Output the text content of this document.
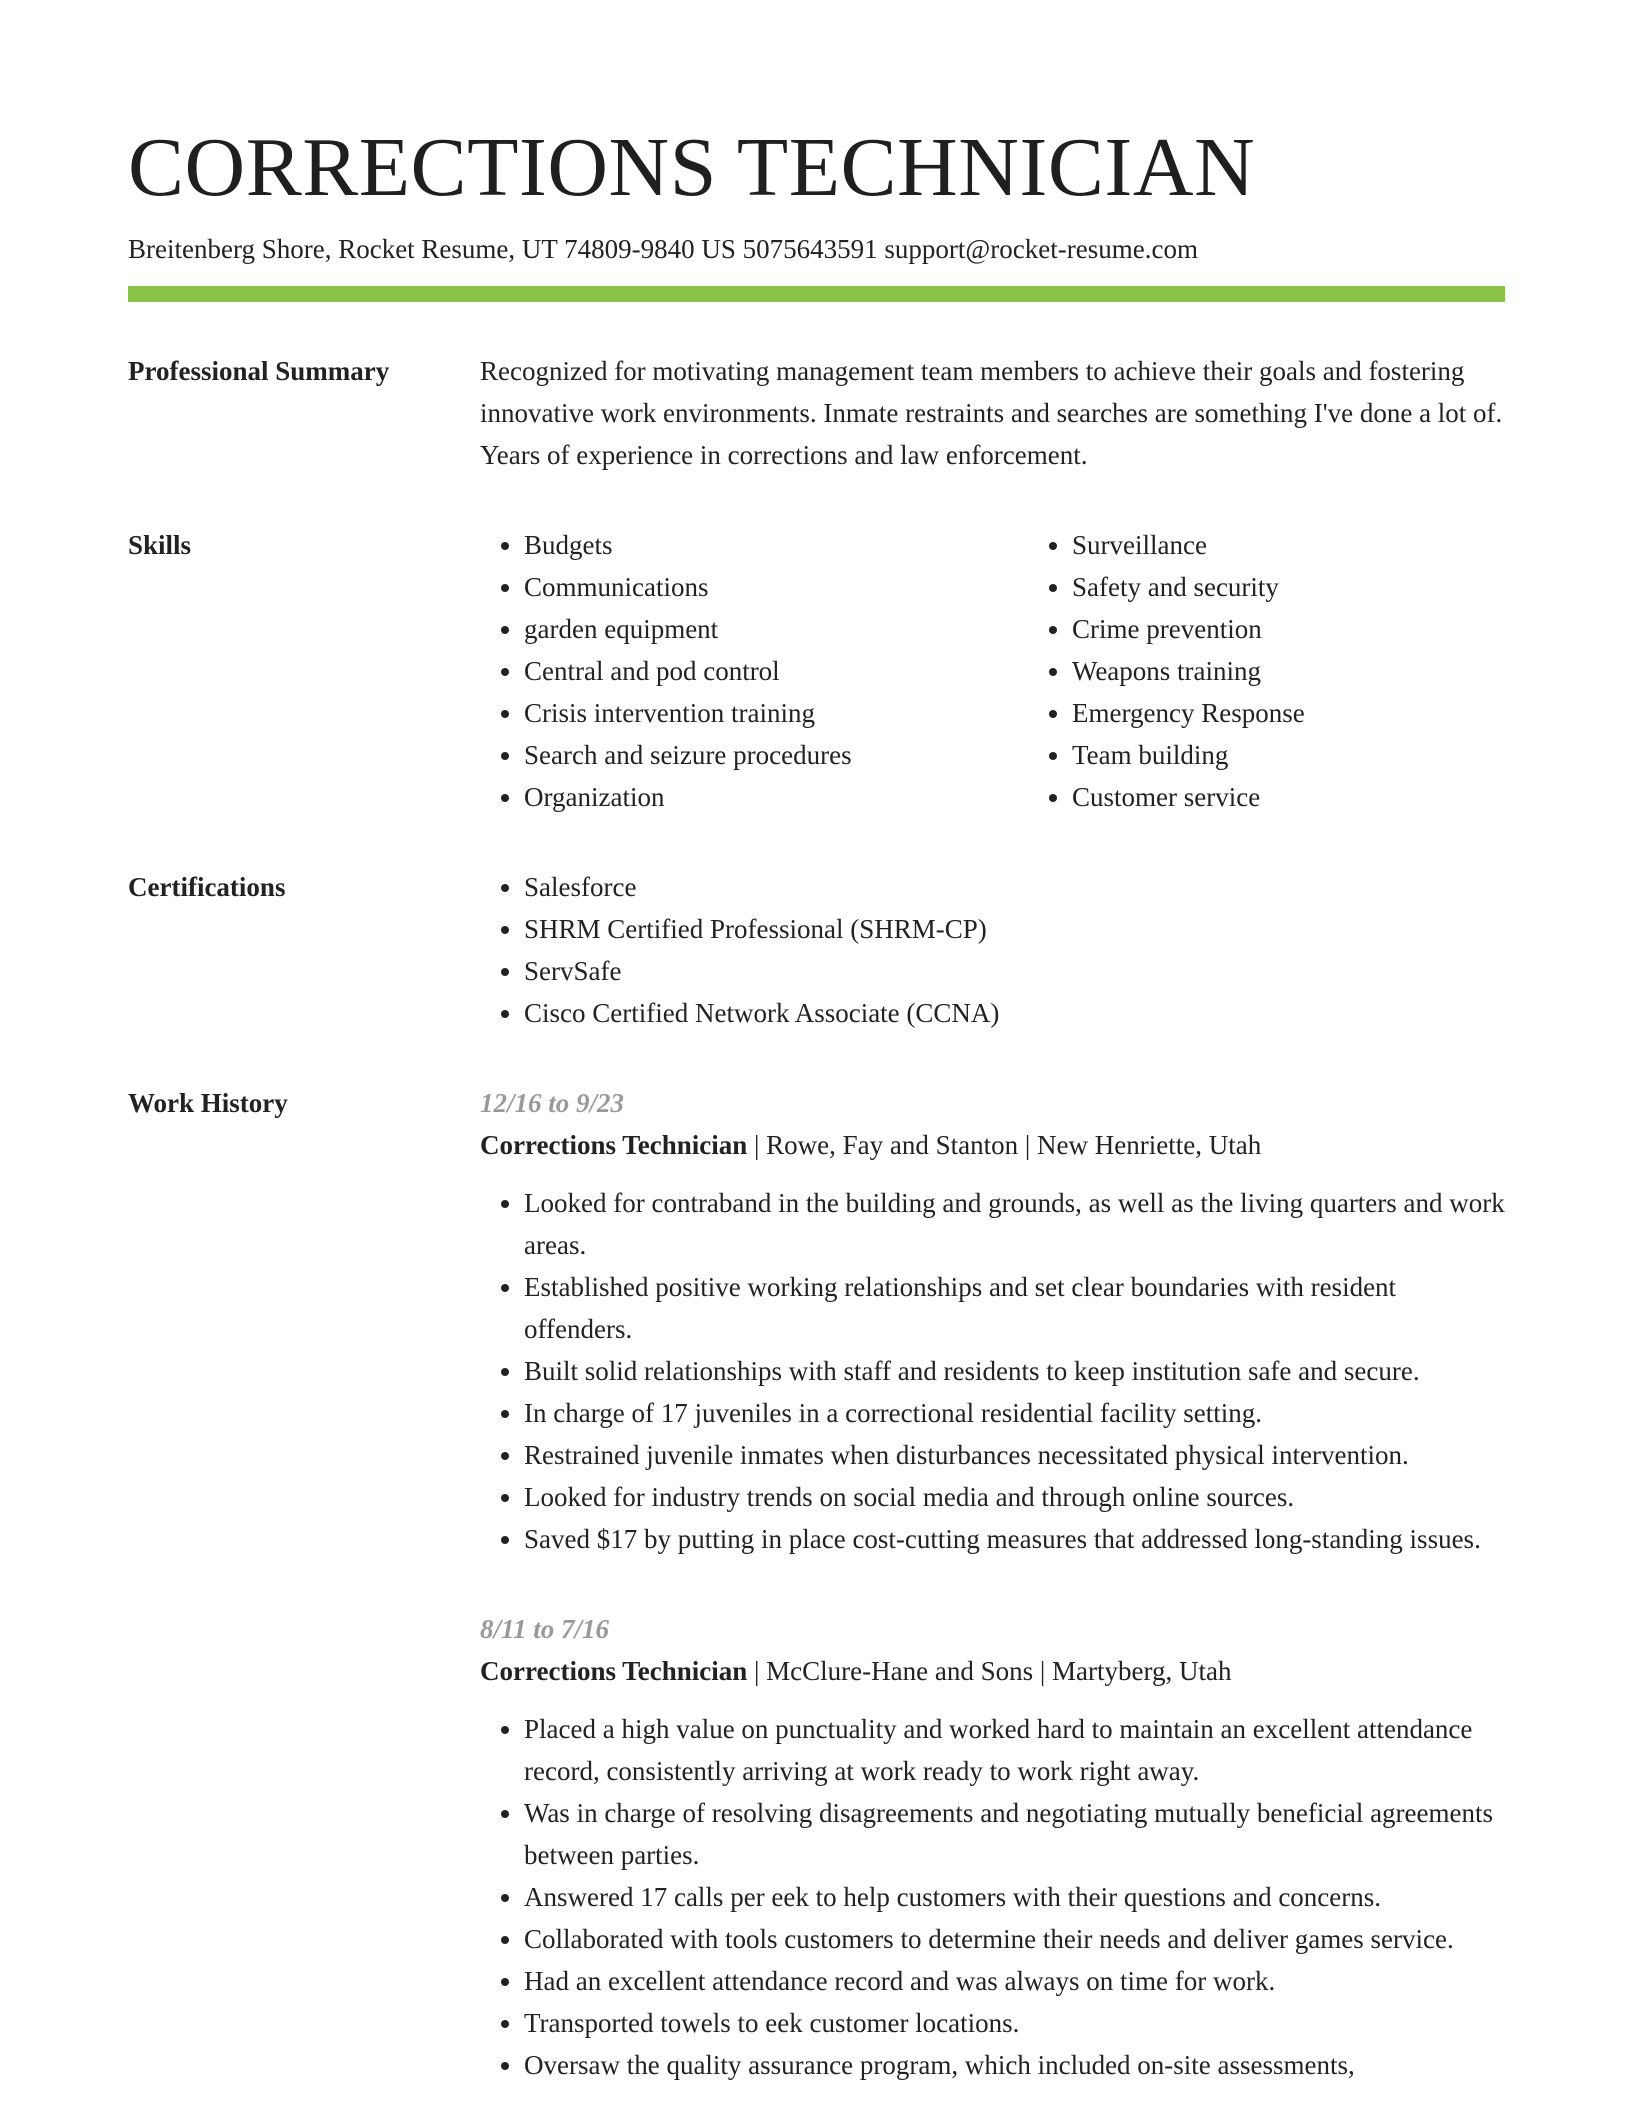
CORRECTIONS TECHNICIAN
Breitenberg Shore, Rocket Resume, UT 74809-9840 US 5075643591 support@rocket-resume.com
Professional Summary	Recognized for motivating management team members to achieve their goals and fostering innovative work environments. Inmate restraints and searches are something I've done a lot of. Years of experience in corrections and law enforcement.
Skills	• Budgets
• Communications
• garden equipment
• Central and pod control
• Crisis intervention training
• Search and seizure procedures
• Organization
• Surveillance
• Safety and security
• Crime prevention
• Weapons training
• Emergency Response
• Team building
• Customer service
Certifications	• Salesforce
• SHRM Certified Professional (SHRM-CP)
• ServSafe
• Cisco Certified Network Associate (CCNA)
Work History	12/16 to 9/23
Corrections Technician | Rowe, Fay and Stanton | New Henriette, Utah
• Looked for contraband in the building and grounds, as well as the living quarters and work areas.
• Established positive working relationships and set clear boundaries with resident offenders.
• Built solid relationships with staff and residents to keep institution safe and secure.
• In charge of 17 juveniles in a correctional residential facility setting.
• Restrained juvenile inmates when disturbances necessitated physical intervention.
• Looked for industry trends on social media and through online sources.
• Saved $17 by putting in place cost-cutting measures that addressed long-standing issues.
8/11 to 7/16
Corrections Technician | McClure-Hane and Sons | Martyberg, Utah
• Placed a high value on punctuality and worked hard to maintain an excellent attendance record, consistently arriving at work ready to work right away.
• Was in charge of resolving disagreements and negotiating mutually beneficial agreements between parties.
• Answered 17 calls per eek to help customers with their questions and concerns.
• Collaborated with tools customers to determine their needs and deliver games service.
• Had an excellent attendance record and was always on time for work.
• Transported towels to eek customer locations.
• Oversaw the quality assurance program, which included on-site assessments,
